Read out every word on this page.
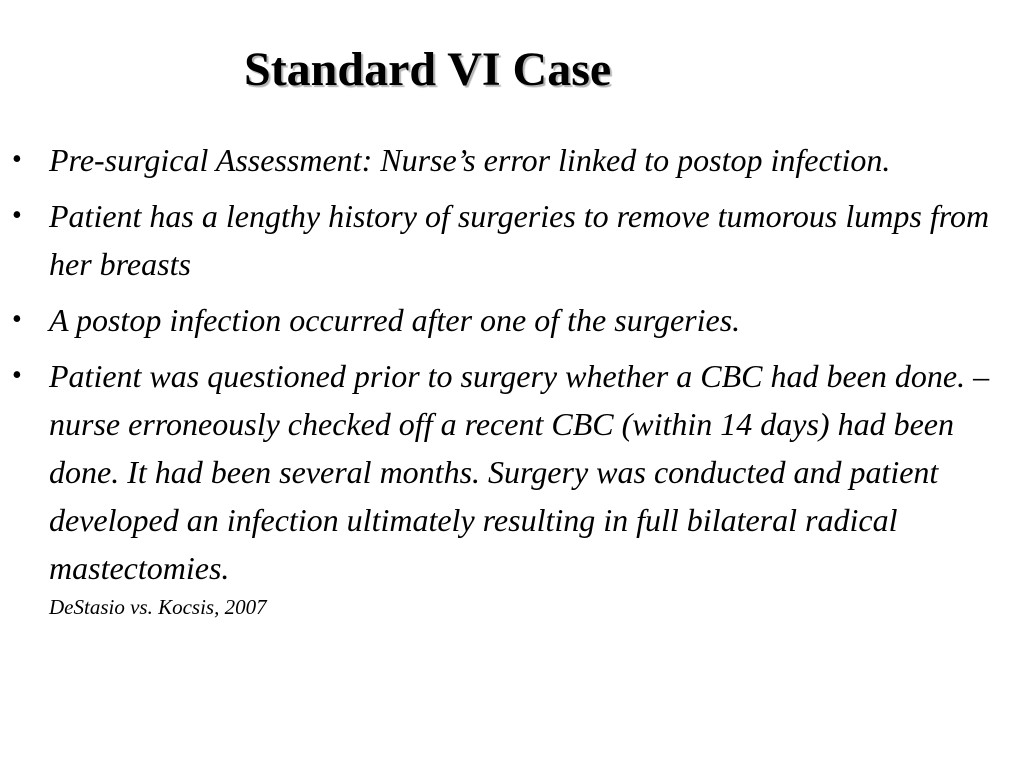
Standard VI Case
• Pre-surgical Assessment: Nurse’s error linked to postop infection.
• Patient has a lengthy history of surgeries to remove tumorous lumps from her breasts
• A postop infection occurred after one of the surgeries.
• Patient was questioned prior to surgery whether a CBC had been done. –nurse erroneously checked off a recent CBC (within 14 days) had been done. It had been several months. Surgery was conducted and patient developed an infection ultimately resulting in full bilateral radical mastectomies.
DeStasio vs. Kocsis, 2007
